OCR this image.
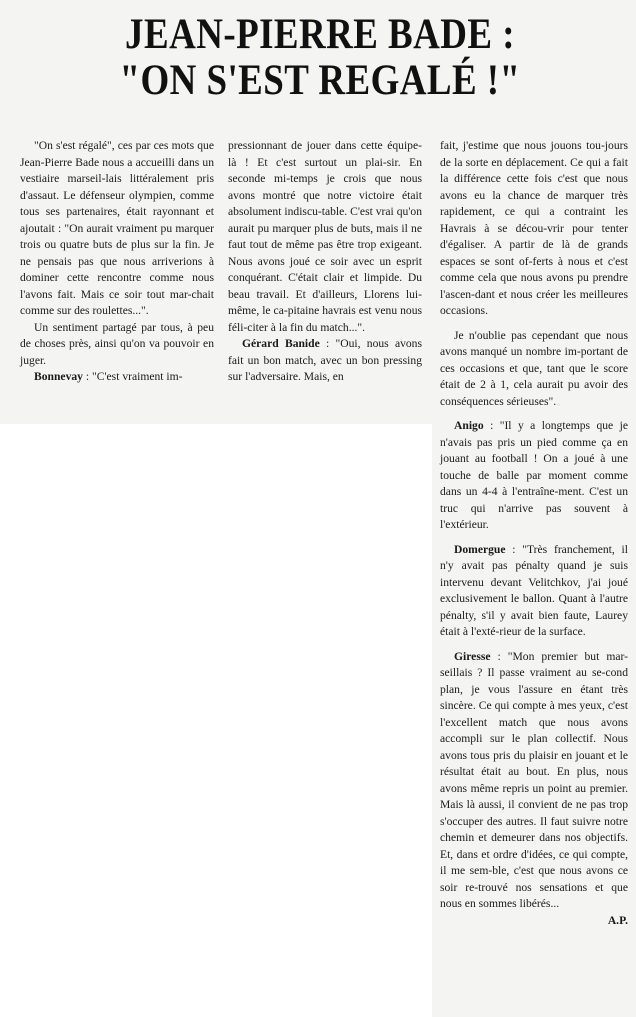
JEAN-PIERRE BADE :
"ON S'EST REGALÉ !"

"On s'est régalé", ces par ces mots que Jean-Pierre Bade nous a accueilli dans un vestiaire marseil-lais littéralement pris d'assaut. Le défenseur olympien, comme tous ses partenaires, était rayonnant et ajoutait : "On aurait vraiment pu marquer trois ou quatre buts de plus sur la fin. Je ne pensais pas que nous arriverions à dominer cette rencontre comme nous l'avons fait. Mais ce soir tout mar-chait comme sur des roulettes...".

Un sentiment partagé par tous, à peu de choses près, ainsi qu'on va pouvoir en juger.

Bonnevay : "C'est vraiment im-

pressionnant de jouer dans cette équipe-là ! Et c'est surtout un plai-sir. En seconde mi-temps je crois que nous avons montré que notre victoire était absolument indiscu-table. C'est vrai qu'on aurait pu marquer plus de buts, mais il ne faut tout de même pas être trop exigeant. Nous avons joué ce soir avec un esprit conquérant. C'était clair et limpide. Du beau travail. Et d'ailleurs, Llorens lui-même, le ca-pitaine havrais est venu nous féli-citer à la fin du match...".

Gérard Banide : "Oui, nous avons fait un bon match, avec un bon pressing sur l'adversaire. Mais, en

fait, j'estime que nous jouons tou-jours de la sorte en déplacement. Ce qui a fait la différence cette fois c'est que nous avons eu la chance de marquer très rapidement, ce qui a contraint les Havrais à se décou-vrir pour tenter d'égaliser. A partir de là de grands espaces se sont of-ferts à nous et c'est comme cela que nous avons pu prendre l'ascen-dant et nous créer les meilleures occasions.

Je n'oublie pas cependant que nous avons manqué un nombre im-portant de ces occasions et que, tant que le score était de 2 à 1, cela aurait pu avoir des conséquences sérieuses".

Anigo : "Il y a longtemps que je n'avais pas pris un pied comme ça en jouant au football ! On a joué à une touche de balle par moment comme dans un 4-4 à l'entraîne-ment. C'est un truc qui n'arrive pas souvent à l'extérieur.

Domergue : "Très franchement, il n'y avait pas pénalty quand je suis intervenu devant Velitchkov, j'ai joué exclusivement le ballon. Quant à l'autre pénalty, s'il y avait bien faute, Laurey était à l'exté-rieur de la surface.

Giresse : "Mon premier but mar-seillais ? Il passe vraiment au se-cond plan, je vous l'assure en étant très sincère. Ce qui compte à mes yeux, c'est l'excellent match que nous avons accompli sur le plan collectif. Nous avons tous pris du plaisir en jouant et le résultat était au bout. En plus, nous avons même repris un point au premier. Mais là aussi, il convient de ne pas trop s'occuper des autres. Il faut suivre notre chemin et demeurer dans nos objectifs. Et, dans et ordre d'idées, ce qui compte, il me sem-ble, c'est que nous avons ce soir re-trouvé nos sensations et que nous en sommes libérés...

A.P.
